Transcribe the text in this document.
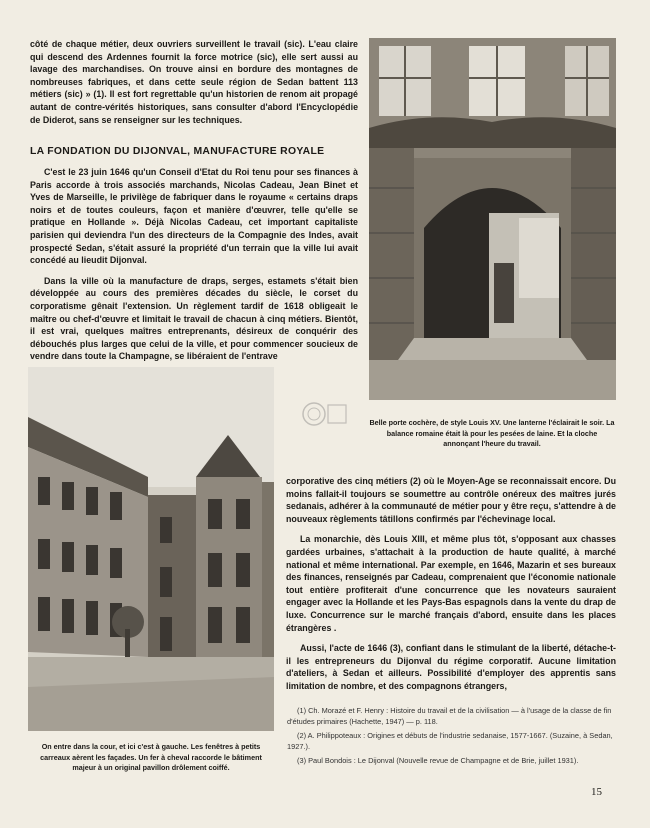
côté de chaque métier, deux ouvriers surveillent le travail (sic). L'eau claire qui descend des Ardennes fournit la force motrice (sic), elle sert aussi au lavage des marchandises. On trouve ainsi en bordure des montagnes de nombreuses fabriques, et dans cette seule région de Sedan battent 113 métiers (sic) » (1). Il est fort regrettable qu'un historien de renom ait propagé autant de contre-vérités historiques, sans consulter d'abord l'Encyclopédie de Diderot, sans se renseigner sur les techniques.

LA FONDATION DU DIJONVAL, MANUFACTURE ROYALE

C'est le 23 juin 1646 qu'un Conseil d'Etat du Roi tenu pour ses finances à Paris accorde à trois associés marchands, Nicolas Cadeau, Jean Binet et Yves de Marseille, le privilège de fabriquer dans le royaume « certains draps noirs et de toutes couleurs, façon et manière d'œuvrer, telle qu'elle se pratique en Hollande ». Déjà Nicolas Cadeau, cet important capitaliste parisien qui deviendra l'un des directeurs de la Compagnie des Indes, avait prospecté Sedan, s'était assuré la propriété d'un terrain que la ville lui avait concédé au lieudit Dijonval.

Dans la ville où la manufacture de draps, serges, estamets s'était bien développée au cours des premières décades du siècle, le corset du corporatisme gênait l'extension. Un règlement tardif de 1618 obligeait le maître ou chef-d'œuvre et limitait le travail de chacun à cinq métiers. Bientôt, il est vrai, quelques maîtres entreprenants, désireux de conquérir des débouchés plus larges que celui de la ville, et pour commencer soucieux de vendre dans toute la Champagne, se libéraient de l'entrave

Belle porte cochère, de style Louis XV. Une lanterne l'éclairait le soir. La balance romaine était là pour les pesées de laine. Et la cloche annonçant l'heure du travail.

On entre dans la cour, et ici c'est à gauche. Les fenêtres à petits carreaux aèrent les façades. Un fer à cheval raccorde le bâtiment majeur à un original pavillon drôlement coiffé.

corporative des cinq métiers (2) où le Moyen-Age se reconnaissait encore. Du moins fallait-il toujours se soumettre au contrôle onéreux des maîtres jurés sedanais, adhérer à la communauté de métier pour y être reçu, s'attendre à de nouveaux règlements tâtillons confirmés par l'échevinage local.

La monarchie, dès Louis XIII, et même plus tôt, s'opposant aux chasses gardées urbaines, s'attachait à la production de haute qualité, à marché national et même international. Par exemple, en 1646, Mazarin et ses bureaux des finances, renseignés par Cadeau, comprenaient que l'économie nationale tout entière profiterait d'une concurrence que les novateurs sauraient engager avec la Hollande et les Pays-Bas espagnols dans la vente du drap de luxe. Concurrence sur le marché français d'abord, ensuite dans les places étrangères .

Aussi, l'acte de 1646 (3), confiant dans le stimulant de la liberté, détache-t-il les entrepreneurs du Dijonval du régime corporatif. Aucune limitation d'ateliers, à Sedan et ailleurs. Possibilité d'employer des apprentis sans limitation de nombre, et des compagnons étrangers,

(1) Ch. Morazé et F. Henry : Histoire du travail et de la civilisation — à l'usage de la classe de fin d'études primaires (Hachette, 1947) — p. 118.

(2) A. Philippoteaux : Origines et débuts de l'industrie sedanaise, 1577-1667. (Suzaine, à Sedan, 1927.).

(3) Paul Bondois : Le Dijonval (Nouvelle revue de Champagne et de Brie, juillet 1931).

15
